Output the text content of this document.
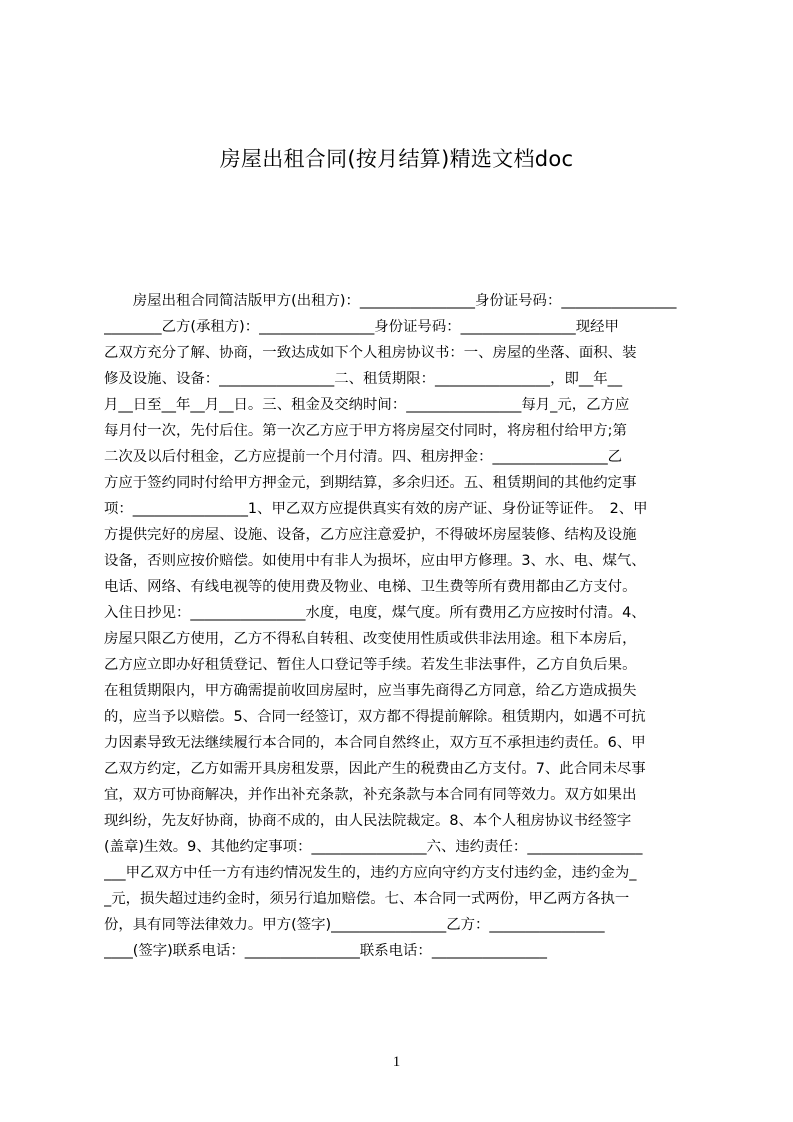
房屋出租合同(按月结算)精选文档doc
　　房屋出租合同简洁版甲方(出租方)：________________身份证号码：________________
________乙方(承租方)：________________身份证号码：________________现经甲
乙双方充分了解、协商，一致达成如下个人租房协议书：一、房屋的坐落、面积、装
修及设施、设备：________________二、租赁期限：________________，即__年__
月__日至__年__月__日。三、租金及交纳时间：________________每月_元，乙方应
每月付一次，先付后住。第一次乙方应于甲方将房屋交付同时，将房租付给甲方;第
二次及以后付租金，乙方应提前一个月付清。四、租房押金：________________乙
方应于签约同时付给甲方押金元，到期结算，多余归还。五、租赁期间的其他约定事
项：________________1、甲乙双方应提供真实有效的房产证、身份证等证件。　2、甲
方提供完好的房屋、设施、设备，乙方应注意爱护，不得破坏房屋装修、结构及设施
设备，否则应按价赔偿。如使用中有非人为损坏，应由甲方修理。3、水、电、煤气、
电话、网络、有线电视等的使用费及物业、电梯、卫生费等所有费用都由乙方支付。
入住日抄见：________________水度，电度，煤气度。所有费用乙方应按时付清。4、
房屋只限乙方使用，乙方不得私自转租、改变使用性质或供非法用途。租下本房后，
乙方应立即办好租赁登记、暂住人口登记等手续。若发生非法事件，乙方自负后果。
在租赁期限内，甲方确需提前收回房屋时，应当事先商得乙方同意，给乙方造成损失
的，应当予以赔偿。5、合同一经签订，双方都不得提前解除。租赁期内，如遇不可抗
力因素导致无法继续履行本合同的，本合同自然终止，双方互不承担违约责任。6、甲
乙双方约定，乙方如需开具房租发票，因此产生的税费由乙方支付。7、此合同未尽事
宜，双方可协商解决，并作出补充条款，补充条款与本合同有同等效力。双方如果出
现纠纷，先友好协商，协商不成的，由人民法院裁定。8、本个人租房协议书经签字
(盖章)生效。9、其他约定事项：________________六、违约责任：________________
___甲乙双方中任一方有违约情况发生的，违约方应向守约方支付违约金，违约金为_
_元，损失超过违约金时，须另行追加赔偿。七、本合同一式两份，甲乙两方各执一
份，具有同等法律效力。甲方(签字)________________乙方：________________
____(签字)联系电话：________________联系电话：________________
1
